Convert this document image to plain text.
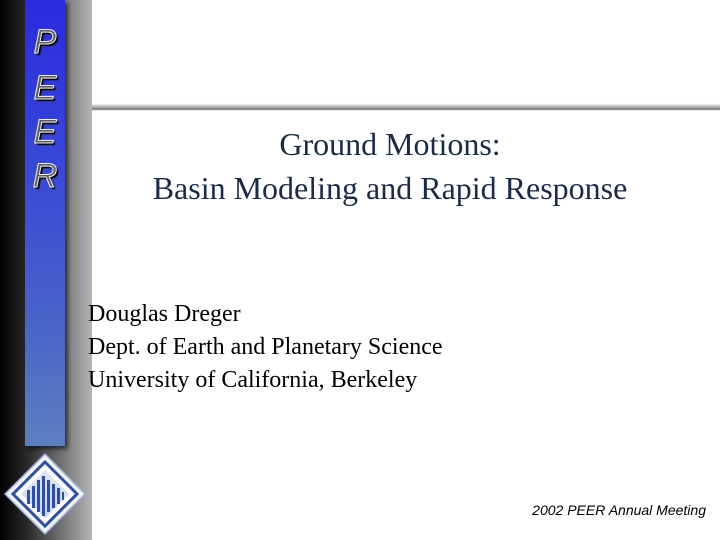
P
E
E
R
Ground Motions:
Basin Modeling and Rapid Response
Douglas Dreger
Dept. of Earth and Planetary Science
University of California, Berkeley
2002 PEER Annual Meeting
